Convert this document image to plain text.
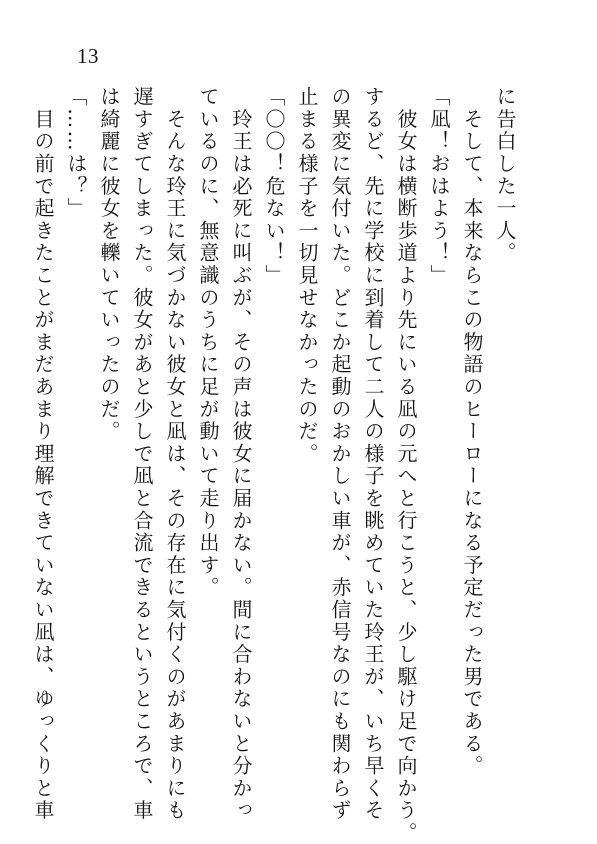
13
に告白した一人。
　そして、本来ならこの物語のヒーローになる予定だった男である。
「凪！おはよう！」
　彼女は横断歩道より先にいる凪の元へと行こうと、少し駆け足で向かう。
するど、先に学校に到着して二人の様子を眺めていた玲王が、いち早くそ
の異変に気付いた。どこか起動のおかしい車が、赤信号なのにも関わらず
止まる様子を一切見せなかったのだ。
「〇〇！危ない！」
　玲王は必死に叫ぶが、その声は彼女に届かない。間に合わないと分かっ
ているのに、無意識のうちに足が動いて走り出す。
　そんな玲王に気づかない彼女と凪は、その存在に気付くのがあまりにも
遅すぎてしまった。彼女があと少しで凪と合流できるというところで、車
は綺麗に彼女を轢いていったのだ。
「……は？」
　目の前で起きたことがまだあまり理解できていない凪は、ゆっくりと車
